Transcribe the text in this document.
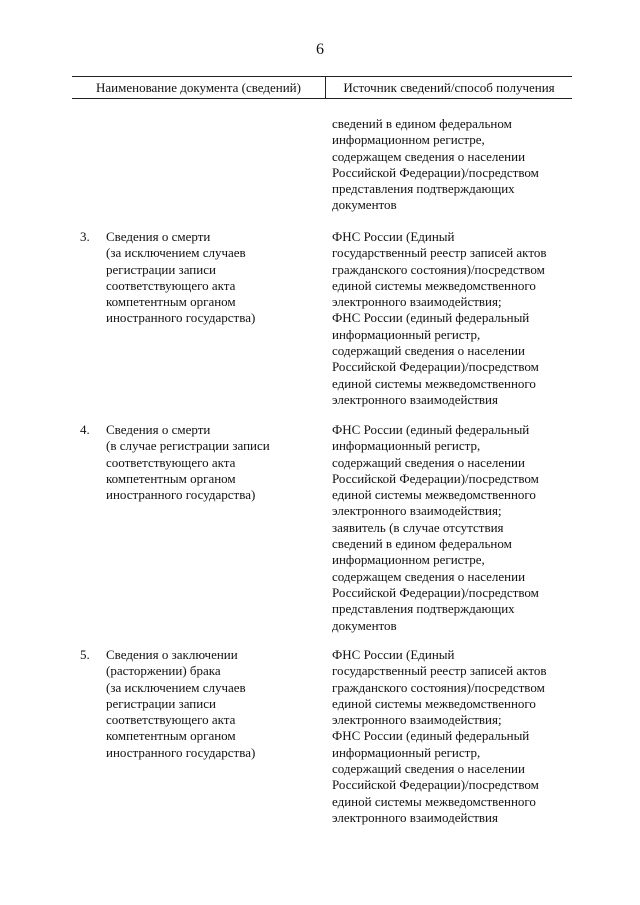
6
Наименование документа (сведений)	Источник сведений/способ получения
сведений в едином федеральном
информационном регистре,
содержащем сведения о населении
Российской Федерации)/посредством
представления подтверждающих
документов
3. Сведения о смерти
(за исключением случаев
регистрации записи
соответствующего акта
компетентным органом
иностранного государства)
ФНС России (Единый
государственный реестр записей актов
гражданского состояния)/посредством
единой системы межведомственного
электронного взаимодействия;
ФНС России (единый федеральный
информационный регистр,
содержащий сведения о населении
Российской Федерации)/посредством
единой системы межведомственного
электронного взаимодействия
4. Сведения о смерти
(в случае регистрации записи
соответствующего акта
компетентным органом
иностранного государства)
ФНС России (единый федеральный
информационный регистр,
содержащий сведения о населении
Российской Федерации)/посредством
единой системы межведомственного
электронного взаимодействия;
заявитель (в случае отсутствия
сведений в едином федеральном
информационном регистре,
содержащем сведения о населении
Российской Федерации)/посредством
представления подтверждающих
документов
5. Сведения о заключении
(расторжении) брака
(за исключением случаев
регистрации записи
соответствующего акта
компетентным органом
иностранного государства)
ФНС России (Единый
государственный реестр записей актов
гражданского состояния)/посредством
единой системы межведомственного
электронного взаимодействия;
ФНС России (единый федеральный
информационный регистр,
содержащий сведения о населении
Российской Федерации)/посредством
единой системы межведомственного
электронного взаимодействия
